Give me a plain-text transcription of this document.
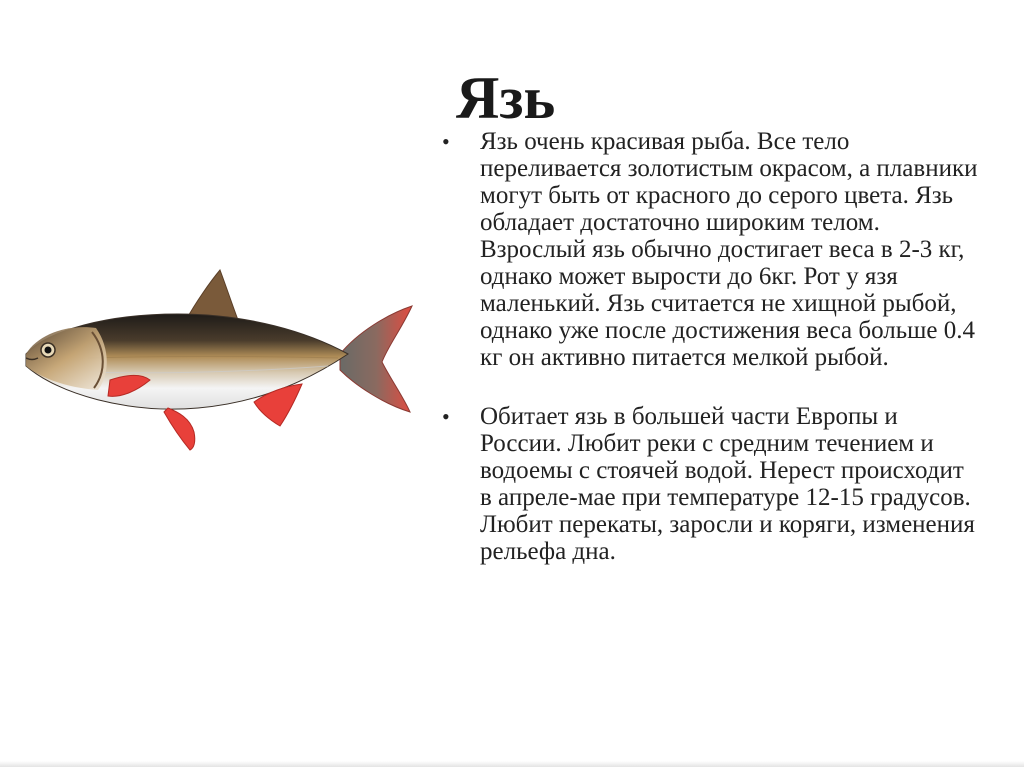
Язь
• Язь очень красивая рыба. Все тело переливается золотистым окрасом, а плавники могут быть от красного до серого цвета. Язь обладает достаточно широким телом. Взрослый язь обычно достигает веса в 2-3 кг, однако может вырости до 6кг. Рот у язя маленький. Язь считается не хищной рыбой, однако уже после достижения веса больше 0.4 кг он активно питается мелкой рыбой.
• Обитает язь в большей части Европы и России. Любит реки с средним течением и водоемы с стоячей водой. Нерест происходит в апреле-мае при температуре 12-15 градусов. Любит перекаты, заросли и коряги, изменения рельефа дна.
